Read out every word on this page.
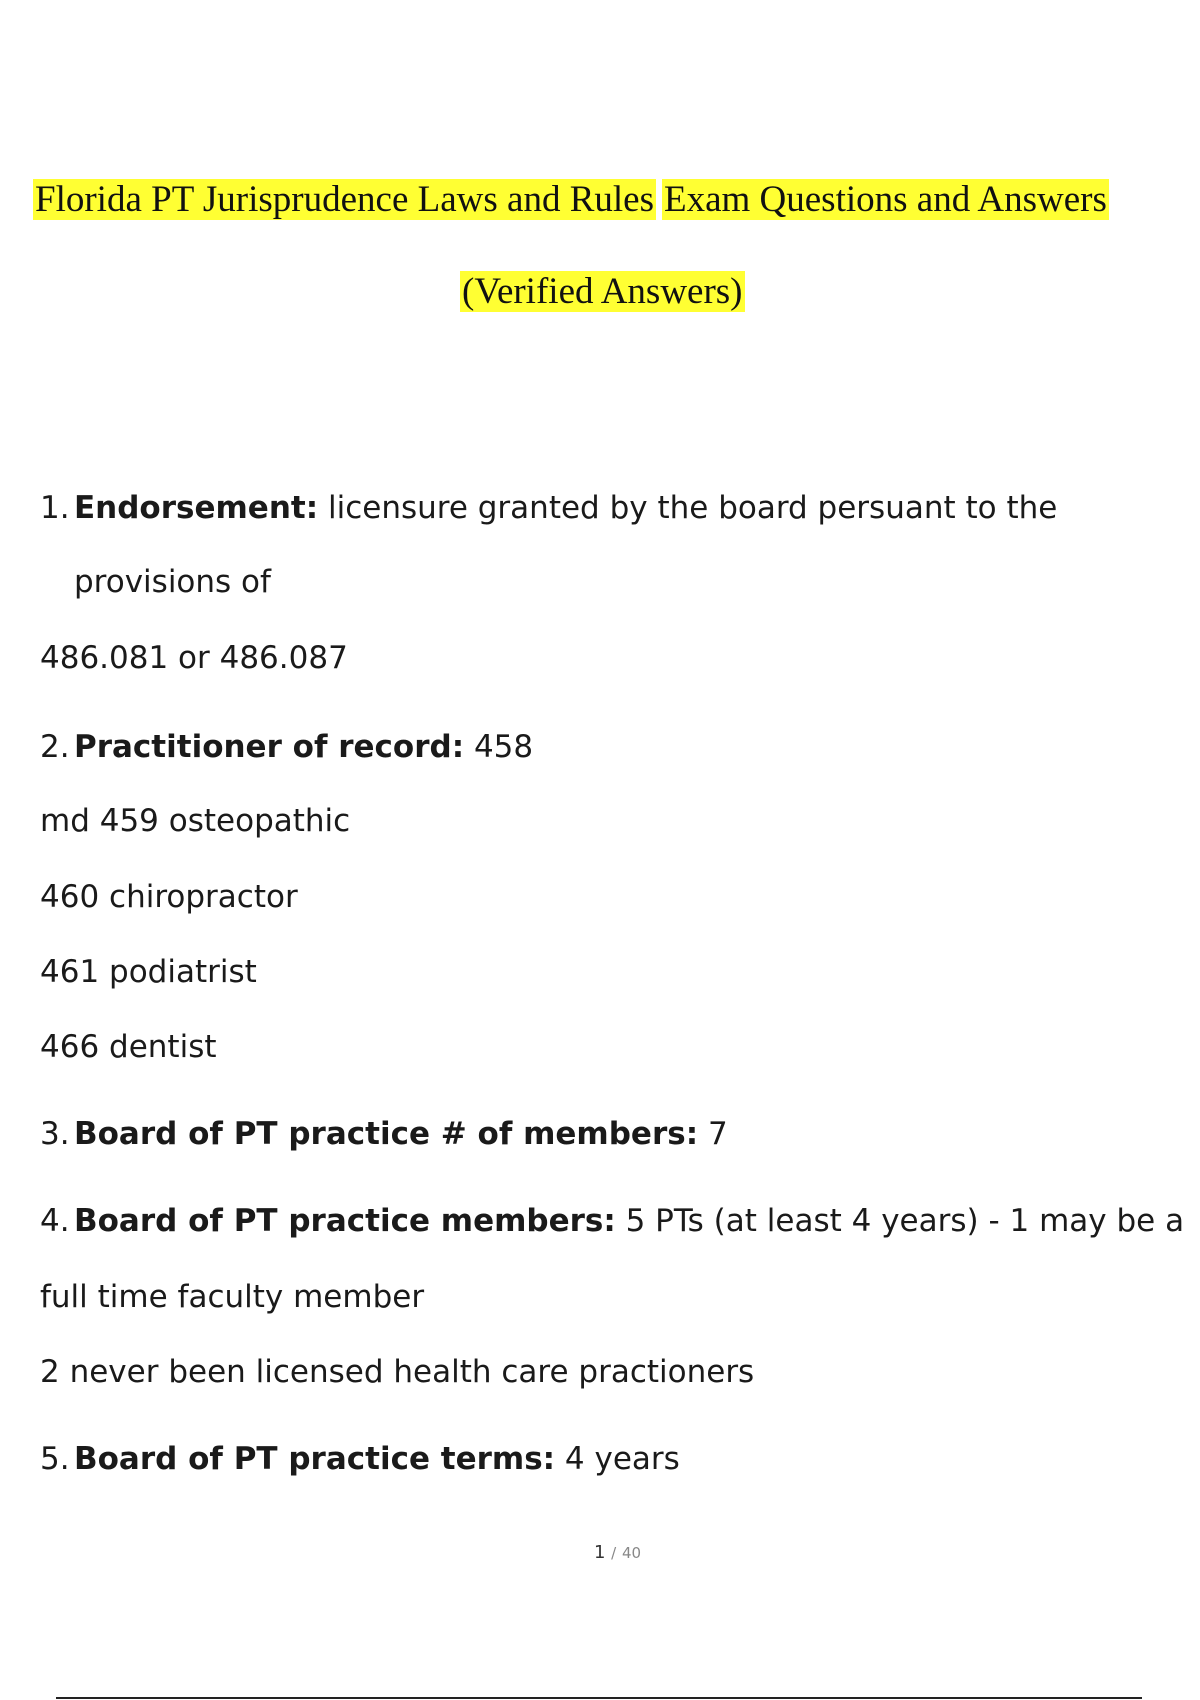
Florida PT Jurisprudence Laws and Rules Exam Questions and Answers
(Verified Answers)
1. Endorsement: licensure granted by the board persuant to the
provisions of
486.081 or 486.087
2. Practitioner of record: 458
md 459 osteopathic
460 chiropractor
461 podiatrist
466 dentist
3. Board of PT practice # of members: 7
4. Board of PT practice members: 5 PTs (at least 4 years) - 1 may be a
full time faculty member
2 never been licensed health care practioners
5. Board of PT practice terms: 4 years
1 / 40
